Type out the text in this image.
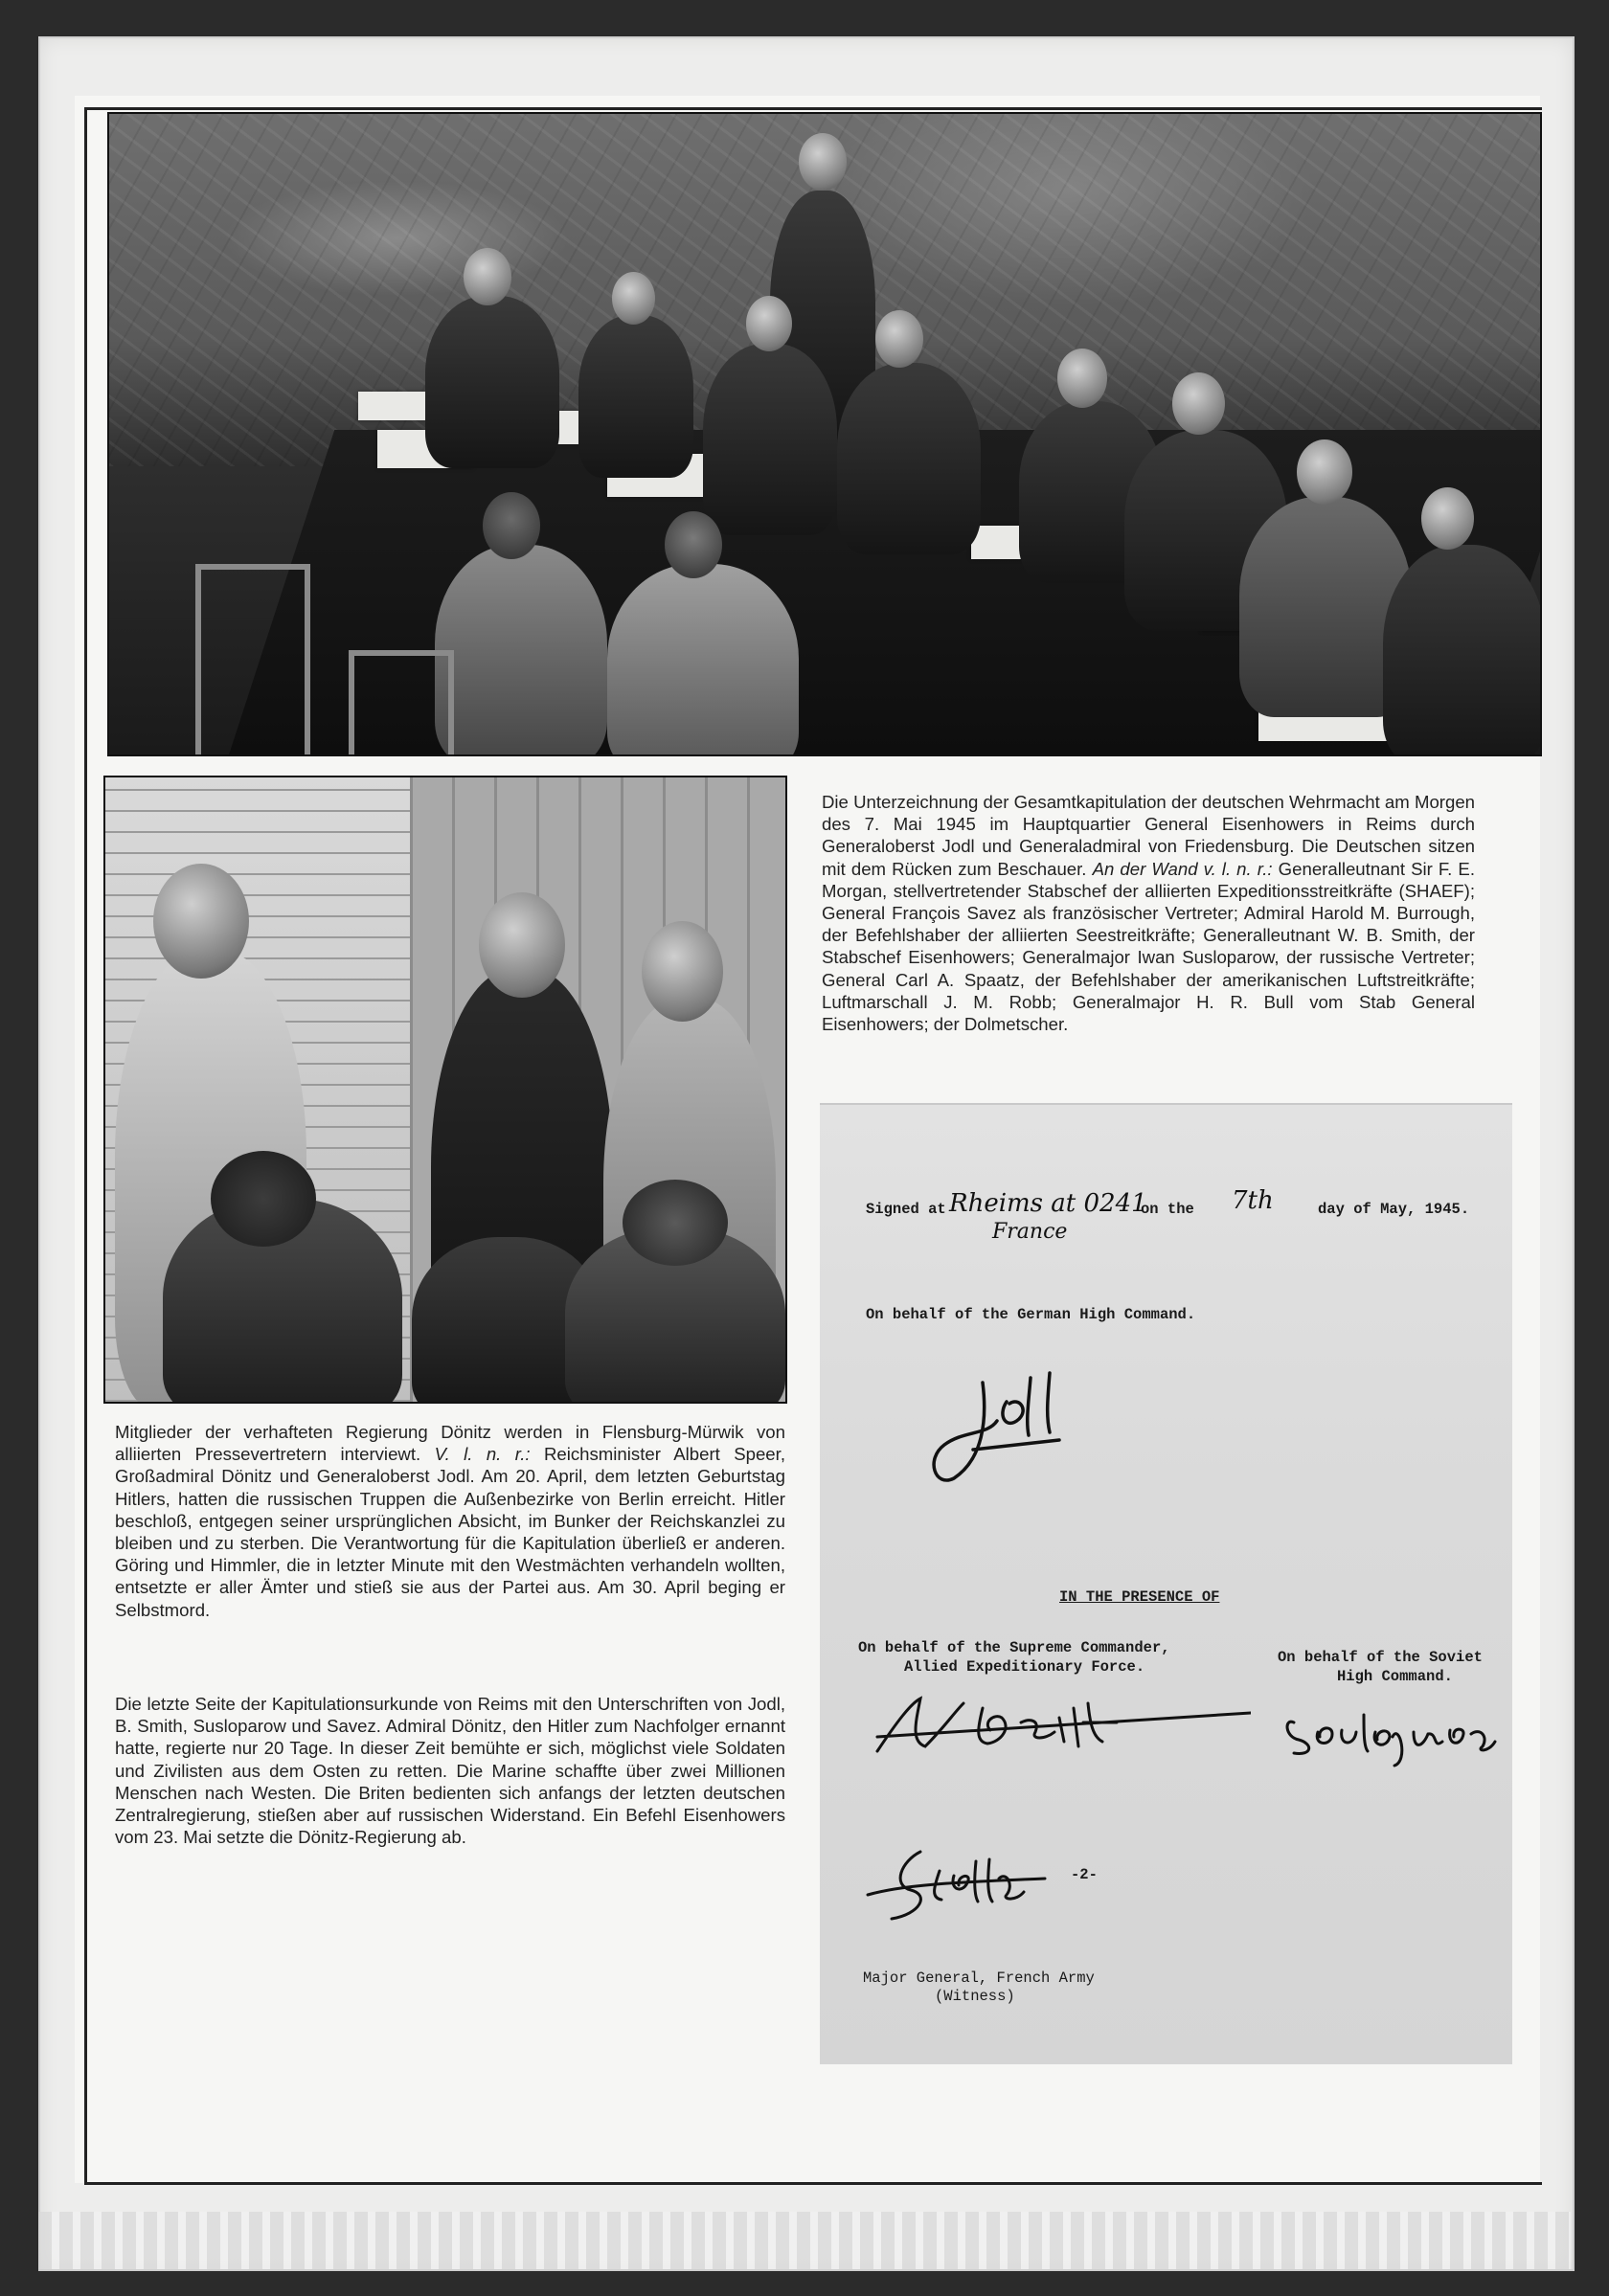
Die Unterzeichnung der Gesamtkapitulation der deutschen Wehrmacht am Morgen des 7. Mai 1945 im Hauptquartier General Eisenhowers in Reims durch Generaloberst Jodl und Generaladmiral von Friedensburg. Die Deutschen sitzen mit dem Rücken zum Beschauer. An der Wand v. l. n. r.: Generalleutnant Sir F. E. Morgan, stellvertretender Stabschef der alliierten Expeditionsstreitkräfte (SHAEF); General François Savez als französischer Vertreter; Admiral Harold M. Burrough, der Befehlshaber der alliierten Seestreitkräfte; Generalleutnant W. B. Smith, der Stabschef Eisenhowers; Generalmajor Iwan Susloparow, der russische Vertreter; General Carl A. Spaatz, der Befehlshaber der amerikanischen Luftstreitkräfte; Luftmarschall J. M. Robb; Generalmajor H. R. Bull vom Stab General Eisenhowers; der Dolmetscher.

Mitglieder der verhafteten Regierung Dönitz werden in Flensburg-Mürwik von alliierten Pressevertretern interviewt. V. l. n. r.: Reichsminister Albert Speer, Großadmiral Dönitz und Generaloberst Jodl. Am 20. April, dem letzten Geburtstag Hitlers, hatten die russischen Truppen die Außenbezirke von Berlin erreicht. Hitler beschloß, entgegen seiner ursprünglichen Absicht, im Bunker der Reichskanzlei zu bleiben und zu sterben. Die Verantwortung für die Kapitulation überließ er anderen. Göring und Himmler, die in letzter Minute mit den Westmächten verhandeln wollten, entsetzte er aller Ämter und stieß sie aus der Partei aus. Am 30. April beging er Selbstmord.

Die letzte Seite der Kapitulationsurkunde von Reims mit den Unterschriften von Jodl, B. Smith, Susloparow und Savez. Admiral Dönitz, den Hitler zum Nachfolger ernannt hatte, regierte nur 20 Tage. In dieser Zeit bemühte er sich, möglichst viele Soldaten und Zivilisten aus dem Osten zu retten. Die Marine schaffte über zwei Millionen Menschen nach Westen. Die Briten bedienten sich anfangs der letzten deutschen Zentralregierung, stießen aber auf russischen Widerstand. Ein Befehl Eisenhowers vom 23. Mai setzte die Dönitz-Regierung ab.

Signed at Rheims at 0241
on the 7th	day of May, 1945.
France
On behalf of the German High Command.
IN THE PRESENCE OF
On behalf of the Supreme Commander,
Allied Expeditionary Force.
On behalf of the Soviet
High Command.
-2-
Major General, French Army
(Witness)
